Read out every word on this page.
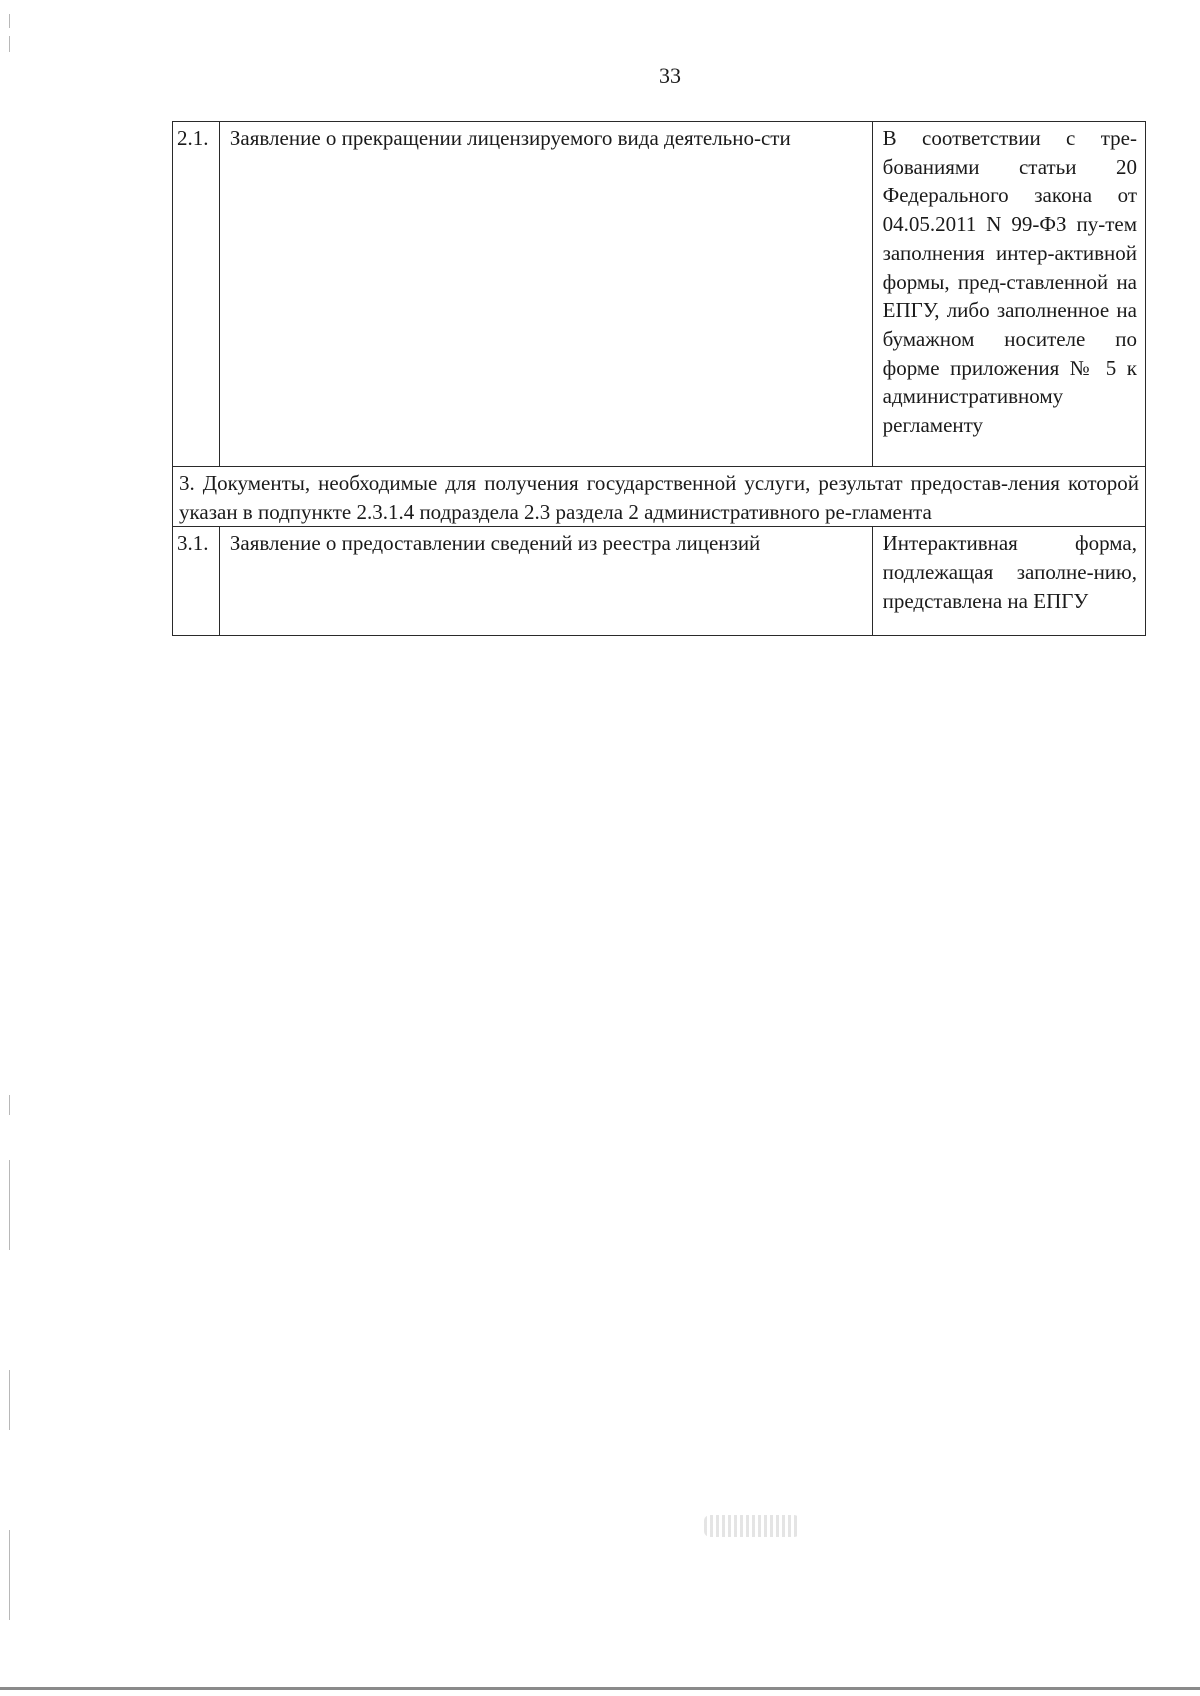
33
2.1.	Заявление о прекращении лицензируемого вида деятельно-сти	В соответствии с тре-бованиями статьи 20 Федерального закона от 04.05.2011 N 99-ФЗ пу-тем заполнения интер-активной формы, пред-ставленной на ЕПГУ, либо заполненное на бумажном носителе по форме приложения № 5 к административному регламенту
3. Документы, необходимые для получения государственной услуги, результат предостав-ления которой указан в подпункте 2.3.1.4 подраздела 2.3 раздела 2 административного ре-гламента		
3.1.	Заявление о предоставлении сведений из реестра лицензий	Интерактивная форма, подлежащая заполне-нию, представлена на ЕПГУ
